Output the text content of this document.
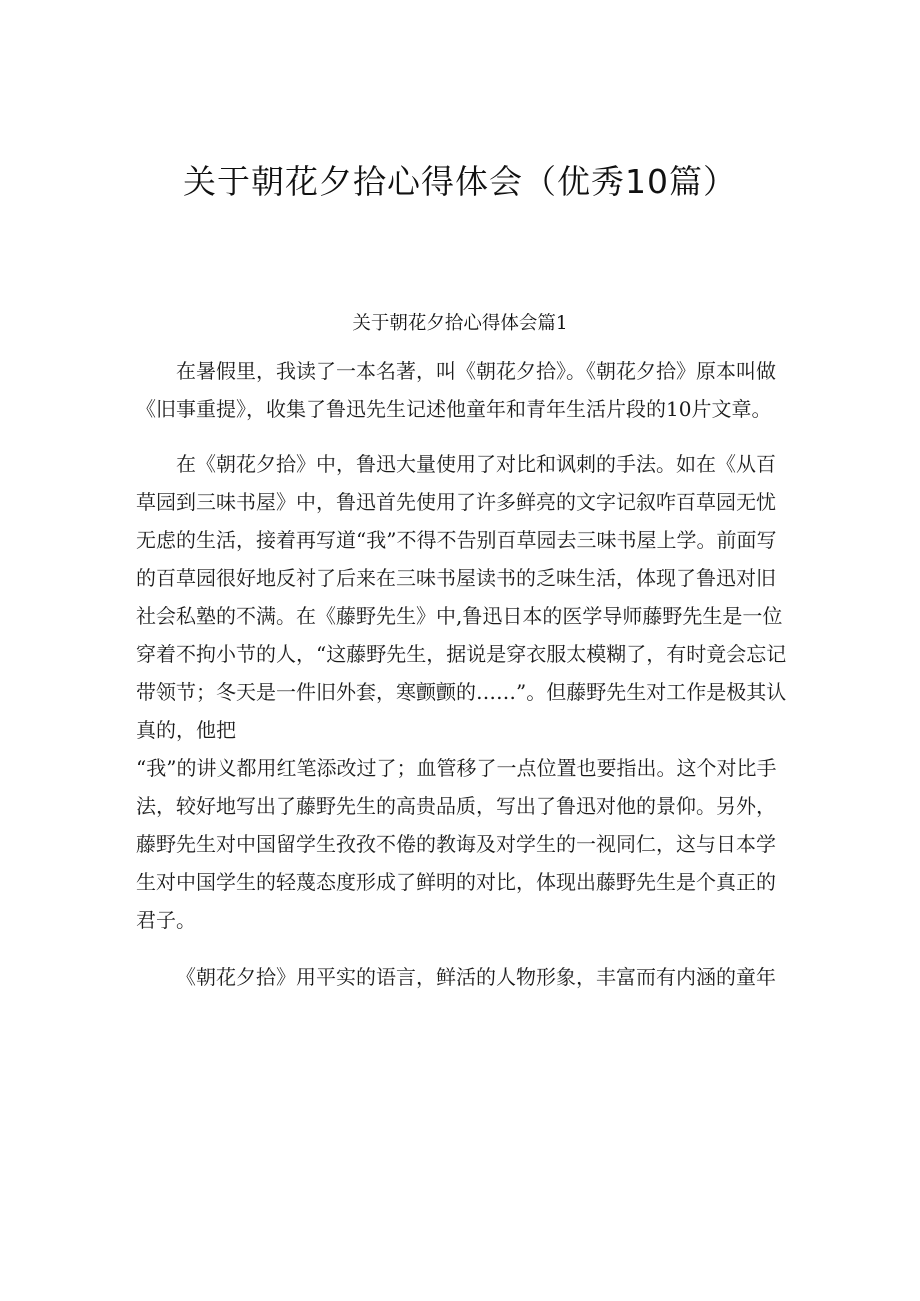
关于朝花夕拾心得体会（优秀10篇）
关于朝花夕拾心得体会篇1

在暑假里，我读了一本名著，叫《朝花夕拾》。《朝花夕拾》原本叫做《旧事重提》，收集了鲁迅先生记述他童年和青年生活片段的10片文章。

在《朝花夕拾》中，鲁迅大量使用了对比和讽刺的手法。如在《从百草园到三味书屋》中，鲁迅首先使用了许多鲜亮的文字记叙咋百草园无忧无虑的生活，接着再写道“我”不得不告别百草园去三味书屋上学。前面写的百草园很好地反衬了后来在三味书屋读书的乏味生活，体现了鲁迅对旧社会私塾的不满。在《藤野先生》中,鲁迅日本的医学导师藤野先生是一位穿着不拘小节的人，“这藤野先生，据说是穿衣服太模糊了，有时竟会忘记带领节；冬天是一件旧外套，寒颤颤的……”。但藤野先生对工作是极其认真的，他把

“我”的讲义都用红笔添改过了；血管移了一点位置也要指出。这个对比手法，较好地写出了藤野先生的高贵品质，写出了鲁迅对他的景仰。另外，藤野先生对中国留学生孜孜不倦的教诲及对学生的一视同仁，这与日本学生对中国学生的轻蔑态度形成了鲜明的对比，体现出藤野先生是个真正的君子。

《朝花夕拾》用平实的语言，鲜活的人物形象，丰富而有内涵的童年
